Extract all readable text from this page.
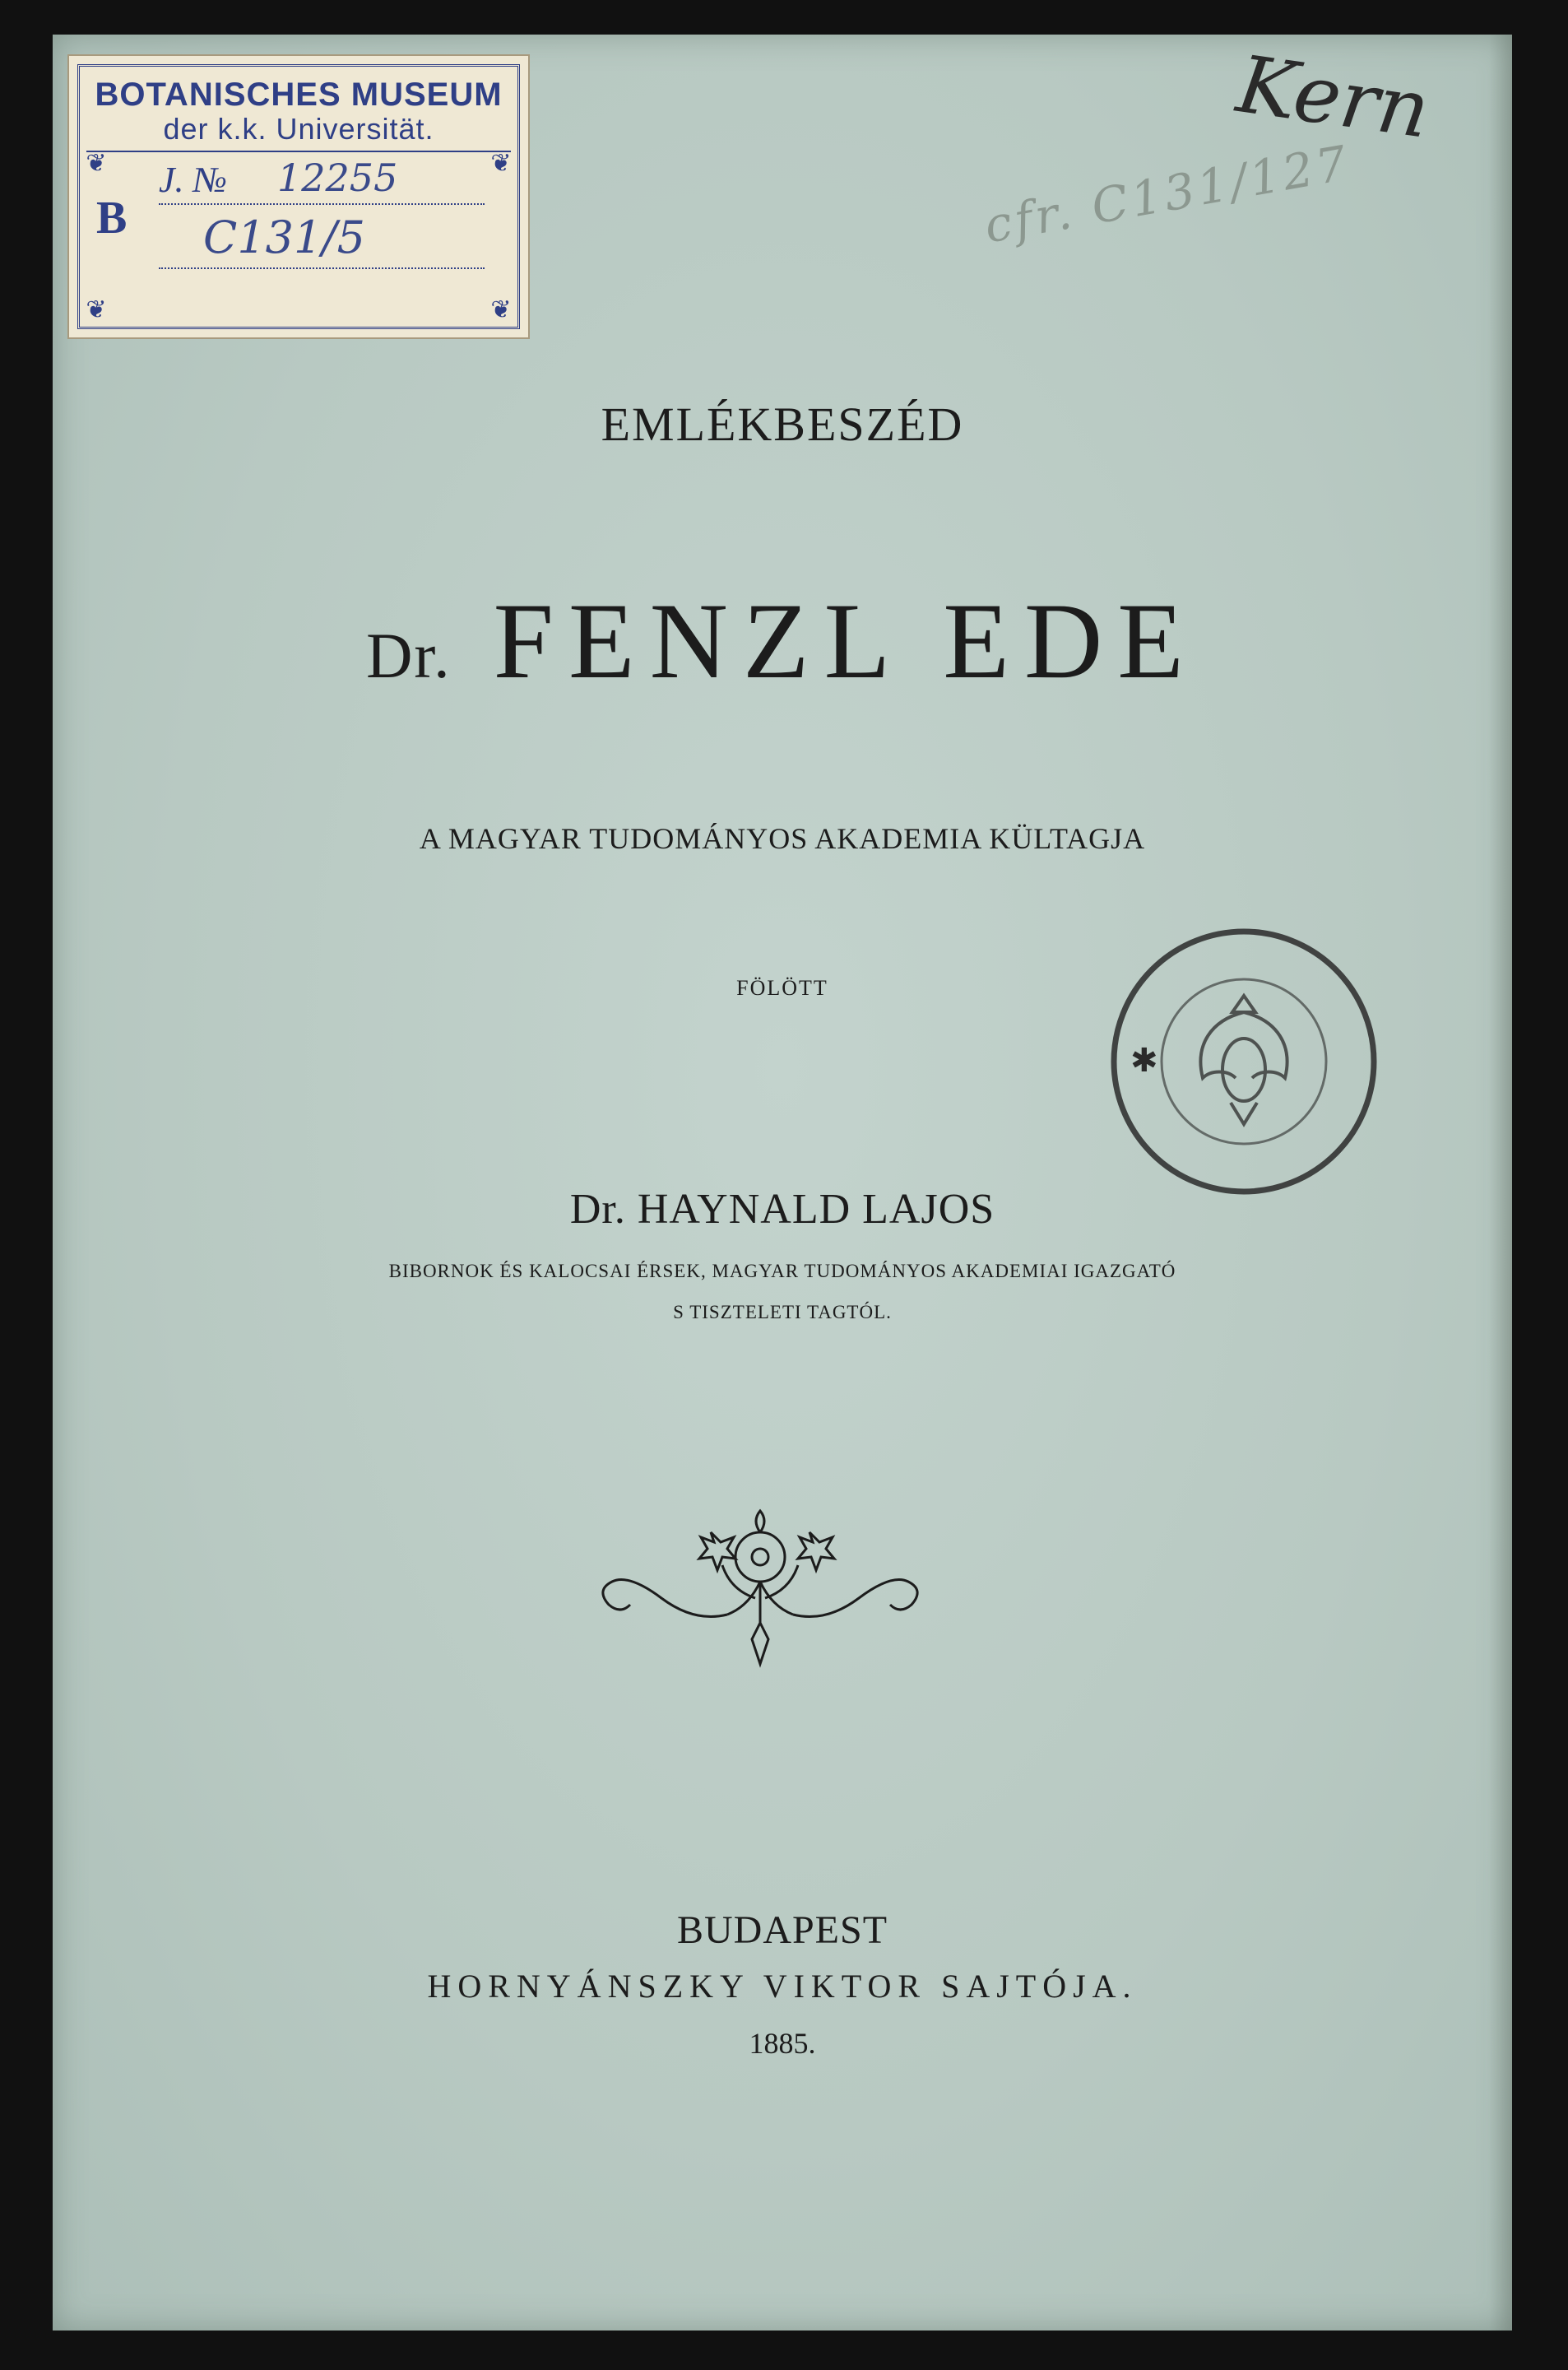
BOTANISCHES MUSEUM
der k.k. Universität.
❦	❦
❦	❦
B
J. № 12255
C131/5
Kern
cfr. C131/127
EMLÉKBESZÉD
Dr. FENZL EDE
A MAGYAR TUDOMÁNYOS AKADEMIA KÜLTAGJA
FÖLÖTT
Dr. HAYNALD LAJOS
BIBORNOK ÉS KALOCSAI ÉRSEK, MAGYAR TUDOMÁNYOS AKADEMIAI IGAZGATÓ
S TISZTELETI TAGTÓL.
✱
BUDAPEST
HORNYÁNSZKY VIKTOR SAJTÓJA.
1885.
